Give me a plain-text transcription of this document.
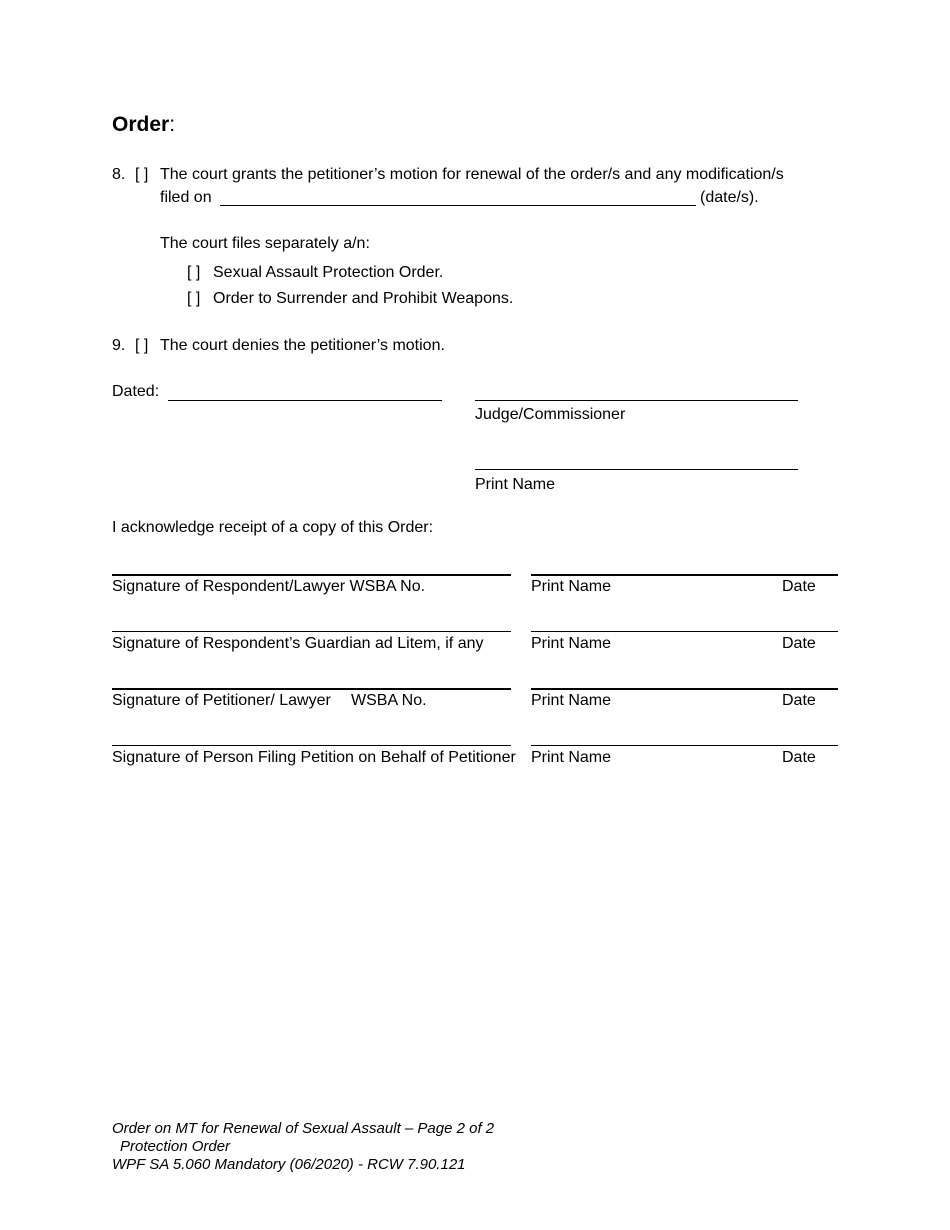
Order:
8. [ ] The court grants the petitioner’s motion for renewal of the order/s and any modification/s
filed on	(date/s).
The court files separately a/n:
[ ] Sexual Assault Protection Order.
[ ] Order to Surrender and Prohibit Weapons.
9. [ ] The court denies the petitioner’s motion.
Dated:
Judge/Commissioner
Print Name
I acknowledge receipt of a copy of this Order:
Signature of Respondent/Lawyer WSBA No.	Print Name	Date
Signature of Respondent’s Guardian ad Litem, if any	Print Name	Date
Signature of Petitioner/ Lawyer WSBA No.	Print Name	Date
Signature of Person Filing Petition on Behalf of Petitioner Print Name	Date
Order on MT for Renewal of Sexual Assault – Page 2 of 2
Protection Order
WPF SA 5.060 Mandatory (06/2020) - RCW 7.90.121
